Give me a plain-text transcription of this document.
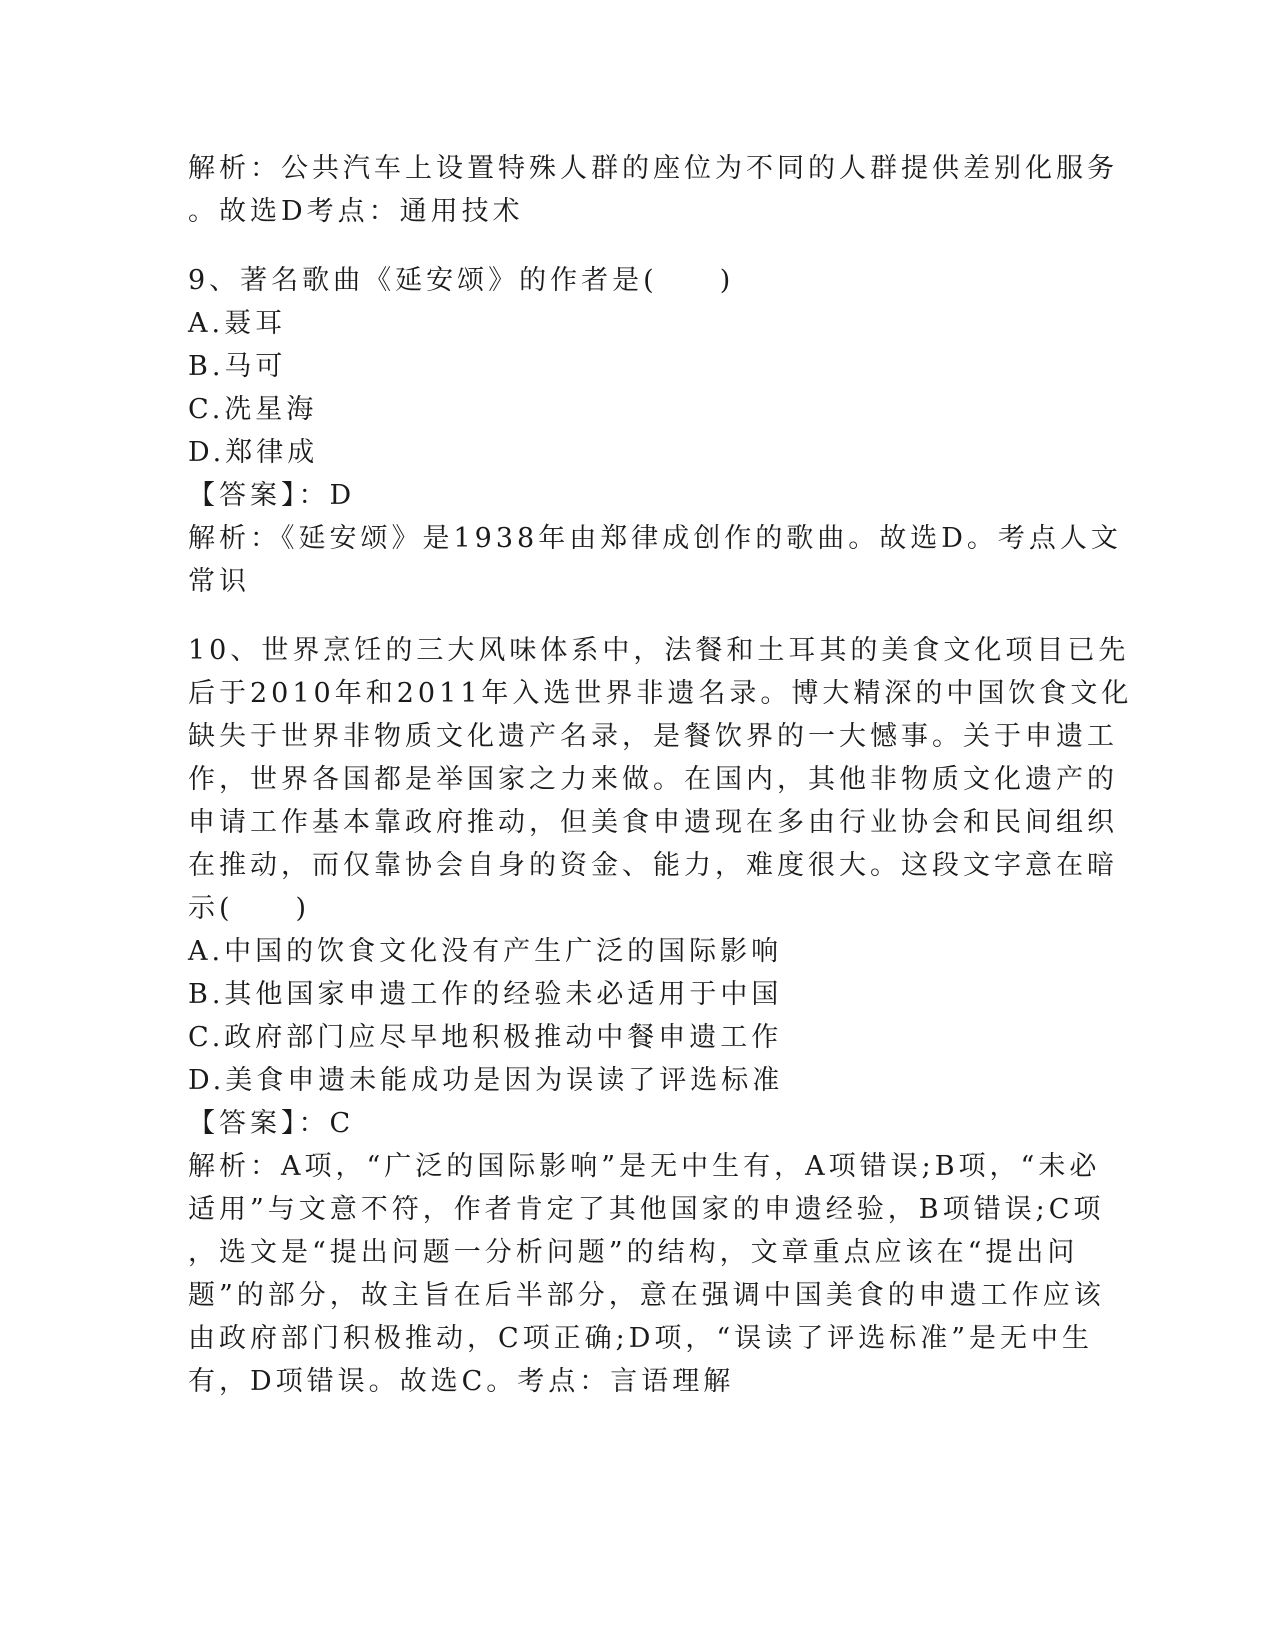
解析：公共汽车上设置特殊人群的座位为不同的人群提供差别化服务
。故选D考点：通用技术
9、著名歌曲《延安颂》的作者是(　　)
A.聂耳
B.马可
C.冼星海
D.郑律成
【答案】：D
解析：《延安颂》是1938年由郑律成创作的歌曲。故选D。考点人文
常识
10、世界烹饪的三大风味体系中，法餐和土耳其的美食文化项目已先
后于2010年和2011年入选世界非遗名录。博大精深的中国饮食文化
缺失于世界非物质文化遗产名录，是餐饮界的一大憾事。关于申遗工
作，世界各国都是举国家之力来做。在国内，其他非物质文化遗产的
申请工作基本靠政府推动，但美食申遗现在多由行业协会和民间组织
在推动，而仅靠协会自身的资金、能力，难度很大。这段文字意在暗
示(　　)
A.中国的饮食文化没有产生广泛的国际影响
B.其他国家申遗工作的经验未必适用于中国
C.政府部门应尽早地积极推动中餐申遗工作
D.美食申遗未能成功是因为误读了评选标准
【答案】：C
解析：A项，“广泛的国际影响”是无中生有，A项错误;B项，“未必
适用”与文意不符，作者肯定了其他国家的申遗经验，B项错误;C项
，选文是“提出问题一分析问题”的结构，文章重点应该在“提出问
题”的部分，故主旨在后半部分，意在强调中国美食的申遗工作应该
由政府部门积极推动，C项正确;D项，“误读了评选标准”是无中生
有，D项错误。故选C。考点：言语理解
